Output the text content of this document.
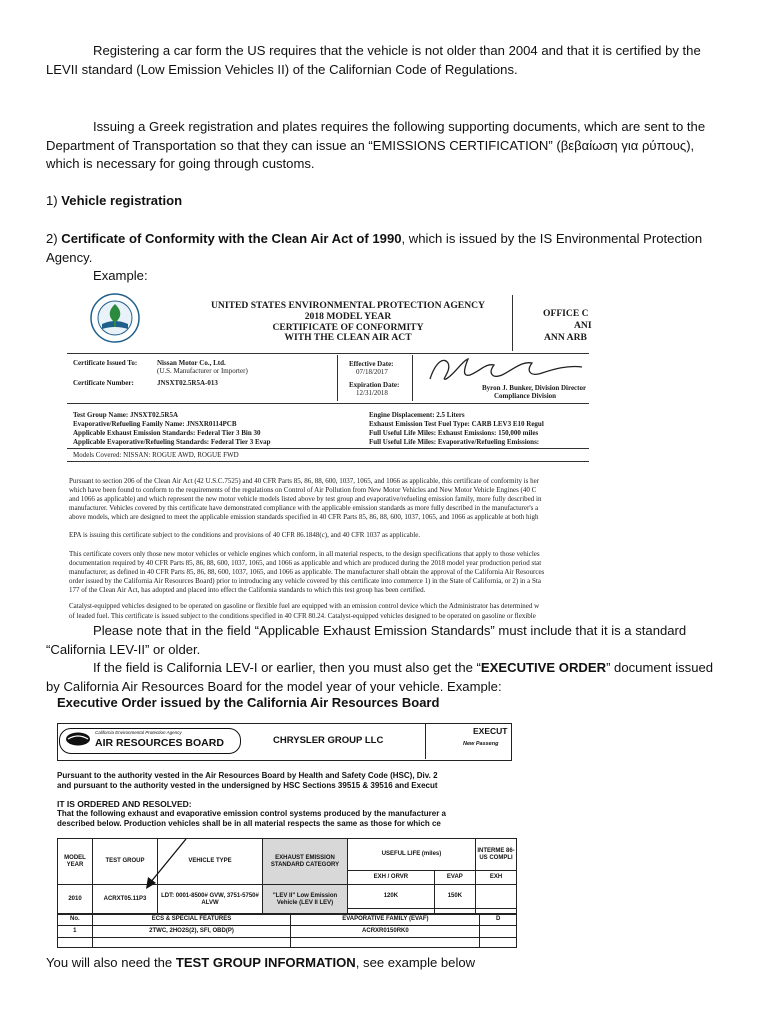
Registering a car form the US requires that the vehicle is not older than 2004 and that it is certified by the LEVII standard (Low Emission Vehicles II) of the Californian Code of Regulations.

Issuing a Greek registration and plates requires the following supporting documents, which are sent to the Department of Transportation so that they can issue an “EMISSIONS CERTIFICATION” (βεβαίωση για ρύπους), which is necessary for going through customs.

1) Vehicle registration

2) Certificate of Conformity with the Clean Air Act of 1990, which is issued by the IS Environmental Protection Agency.

Example:

UNITED STATES ENVIRONMENTAL PROTECTION AGENCY
2018 MODEL YEAR
CERTIFICATE OF CONFORMITY
WITH THE CLEAN AIR ACT
OFFICE C
ANI
ANN ARB
Certificate Issued To:	Nissan Motor Co., Ltd.
(U.S. Manufacturer or Importer)
Certificate Number:	JNSXT02.5R5A-013
Effective Date:
07/18/2017
Expiration Date:
12/31/2018
Byron J. Bunker, Division Director
Compliance Division
Test Group Name: JNSXT02.5R5A
Evaporative/Refueling Family Name: JNSXR0114PCB
Applicable Exhaust Emission Standards: Federal Tier 3 Bin 30
Applicable Evaporative/Refueling Standards: Federal Tier 3 Evap
Engine Displacement: 2.5 Liters
Exhaust Emission Test Fuel Type: CARB LEV3 E10 Regul
Full Useful Life Miles: Exhaust Emissions: 150,000 miles
Full Useful Life Miles: Evaporative/Refueling Emissions:
Models Covered: NISSAN: ROGUE AWD, ROGUE FWD
Pursuant to section 206 of the Clean Air Act (42 U.S.C.7525) and 40 CFR Parts 85, 86, 88, 600, 1037, 1065, and 1066 as applicable, this certificate of conformity is her
which have been found to conform to the requirements of the regulations on Control of Air Pollution from New Motor Vehicles and New Motor Vehicle Engines (40 C
and 1066 as applicable) and which represent the new motor vehicle models listed above by test group and evaporative/refueling emission family, more fully described in
manufacturer. Vehicles covered by this certificate have demonstrated compliance with the applicable emission standards as more fully described in the manufacturer's a
above models, which are designed to meet the applicable emission standards specified in 40 CFR Parts 85, 86, 88, 600, 1037, 1065, and 1066 as applicable at both high
EPA is issuing this certificate subject to the conditions and provisions of 40 CFR 86.1848(c), and 40 CFR 1037 as applicable.
This certificate covers only those new motor vehicles or vehicle engines which conform, in all material respects, to the design specifications that apply to those vehicles
documentation required by 40 CFR Parts 85, 86, 88, 600, 1037, 1065, and 1066 as applicable and which are produced during the 2018 model year production period stat
manufacturer, as defined in 40 CFR Parts 85, 86, 88, 600, 1037, 1065, and 1066 as applicable. The manufacturer shall obtain the approval of the California Air Resources
order issued by the California Air Resources Board) prior to introducing any vehicle covered by this certificate into commerce 1) in the State of California, or 2) in a Sta
177 of the Clean Air Act, has adopted and placed into effect the California standards to which this test group has been certified.
Catalyst-equipped vehicles designed to be operated on gasoline or flexible fuel are equipped with an emission control device which the Administrator has determined w
of leaded fuel. This certificate is issued subject to the conditions specified in 40 CFR 80.24. Catalyst-equipped vehicles designed to be operated on gasoline or flexible

Please note that in the field “Applicable Exhaust Emission Standards” must include that it is a standard “California LEV-II” or older.

If the field is California LEV-I or earlier, then you must also get the “EXECUTIVE ORDER” document issued by California Air Resources Board for the model year of your vehicle. Example:

Executive Order issued by the California Air Resources Board
California Environmental Protection Agency
AIR RESOURCES BOARD	CHRYSLER GROUP LLC
EXECUT
New Passeng
Pursuant to the authority vested in the Air Resources Board by Health and Safety Code (HSC), Div. 2
and pursuant to the authority vested in the undersigned by HSC Sections 39515 & 39516 and Execut
IT IS ORDERED AND RESOLVED:
That the following exhaust and evaporative emission control systems produced by the manufacturer a
described below. Production vehicles shall be in all material respects the same as those for which ce
MODEL YEAR	TEST GROUP	VEHICLE TYPE	EXHAUST EMISSION STANDARD CATEGORY	USEFUL LIFE (miles)		INTERME 86-US COMPLI
				EXH / ORVR	EVAP	EXH
2010	ACRXT05.11P3	LDT: 0001-8500# GVW, 3751-5750# ALVW	"LEV II" Low Emission Vehicle (LEV II LEV)	120K	150K	

No.	ECS & SPECIAL FEATURES	EVAPORATIVE FAMILY (EVAF)	D
1	2TWC, 2HO2S(2), SFI, OBD(P)	ACRXR0150RK0	

You will also need the TEST GROUP INFORMATION, see example below
